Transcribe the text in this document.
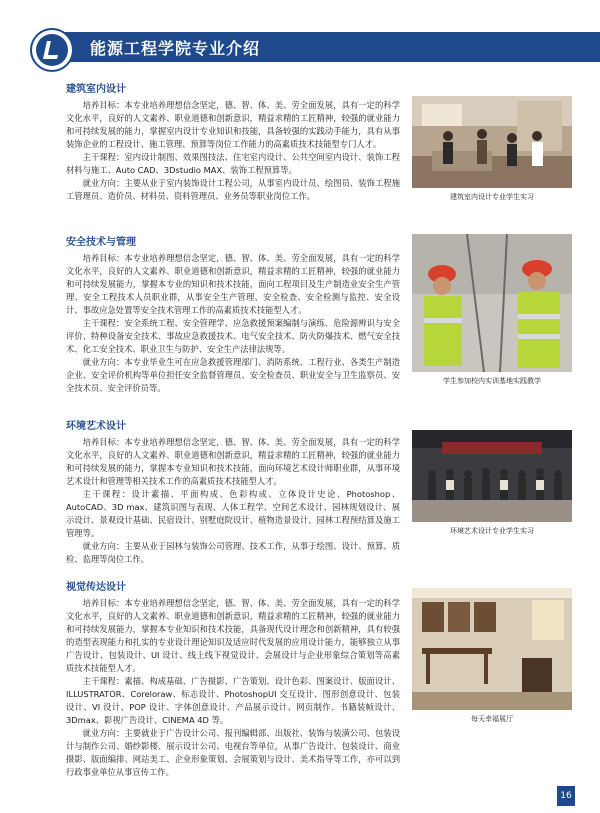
能源工程学院专业介绍
建筑室内设计

培养目标：本专业培养理想信念坚定，德、智、体、美、劳全面发展，具有一定的科学文化水平，良好的人文素养、职业道德和创新意识，精益求精的工匠精神，较强的就业能力和可持续发展的能力，掌握室内设计专业知识和技能，具备较强的实践动手能力，具有从事装饰企业的工程设计、施工管理、预算等岗位工作能力的高素质技术技能型专门人才。

主干课程：室内设计制图、效果图技法、住宅室内设计、公共空间室内设计、装饰工程材料与施工、Auto CAD、3Dstudio MAX、装饰工程预算等。

就业方向：主要从业于室内装饰设计工程公司，从事室内设计员、绘图员、装饰工程施工管理员、造价员、材料员、资料管理员、业务员等职业岗位工作。	建筑室内设计专业学生实习
安全技术与管理

培养目标：本专业培养理想信念坚定，德、智、体、美、劳全面发展，具有一定的科学文化水平，良好的人文素养、职业道德和创新意识，精益求精的工匠精神，较强的就业能力和可持续发展能力，掌握本专业的知识和技术技能，面向工程项目及生产制造业安全生产管理、安全工程技术人员职业群，从事安全生产管理、安全检查、安全检测与监控、安全设计、事故应急处置等安全技术管理工作的高素质技术技能型人才。

主干课程：安全系统工程、安全管理学、应急救援预案编制与演练、危险源辨识与安全评价、特种设备安全技术、事故应急救援技术、电气安全技术、防火防爆技术、燃气安全技术、化工安全技术、职业卫生与防护、安全生产法律法规等。

就业方向：本专业毕业生可在应急救援管理部门、消防系统、工程行业、各类生产制造企业、安全评价机构等单位担任安全监督管理员、安全检查员、职业安全与卫生监察员、安全技术员、安全评价员等。

学生参加校内实训基地实践教学
环境艺术设计

培养目标：本专业培养理想信念坚定，德、智、体、美、劳全面发展，具有一定的科学文化水平，良好的人文素养、职业道德和创新意识，精益求精的工匠精神，较强的就业能力和可持续发展的能力，掌握本专业知识和技术技能，面向环境艺术设计师职业群，从事环境艺术设计和管理等相关技术工作的高素质技术技能型人才。

主干课程：设计素描、平面构成、色彩构成、立体设计史论、Photoshop、AutoCAD、3D max、建筑识图与表现、人体工程学、空间艺术设计、园林规划设计、展示设计、景观设计基础、民宿设计、别墅庭院设计、植物造景设计、园林工程预结算及施工管理等。

就业方向：主要从业于园林与装饰公司管理、技术工作，从事于绘图、设计、预算、质检、监理等岗位工作。

环境艺术设计专业学生实习
视觉传达设计

培养目标：本专业培养理想信念坚定，德、智、体、美、劳全面发展，具有一定的科学文化水平，良好的人文素养、职业道德和创新意识，精益求精的工匠精神，较强的就业能力和可持续发展能力，掌握本专业知识和技术技能，具备现代设计理念和创新精神，具有较强的造型表现能力和扎实的专业设计理论知识及适应时代发展的应用设计能力，能够独立从事广告设计、包装设计、UI 设计、线上线下视觉设计、会展设计与企业形象综合策划等高素质技术技能型人才。

主干课程：素描、构成基础、广告摄影、广告策划、设计色彩、图案设计、版面设计、ILLUSTRATOR、Coreloraw、标志设计、PhotoshopUI 交互设计、图形创意设计、包装设计、VI 设计、POP 设计、字体创意设计、产品展示设计、网页制作、书籍装帧设计、3Dmax、影视广告设计、CINEMA 4D 等。

就业方向：主要就业于广告设计公司、报刊编辑部、出版社、装饰与装潢公司、包装设计与制作公司、婚纱影楼、展示设计公司、电视台等单位，从事广告设计、包装设计、商业摄影、版面编排、网站美工、企业形象策划、会展策划与设计、美术指导等工作，亦可以到行政事业单位从事宣传工作。

每天幸福展厅
16
